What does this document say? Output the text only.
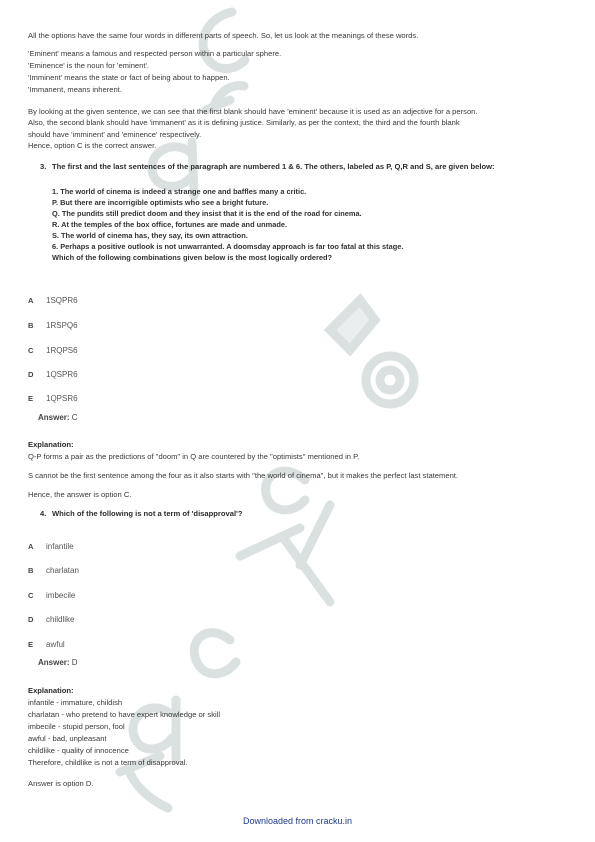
All the options have the same four words in different parts of speech. So, let us look at the meanings of these words.
'Eminent' means a famous and respected person within a particular sphere.
'Eminence' is the noun for 'eminent'.
'Imminent' means the state or fact of being about to happen.
'Immanent, means inherent.
By looking at the given sentence, we can see that the first blank should have 'eminent' because it is used as an adjective for a person.
Also, the second blank should have 'immanent' as it is defining justice. Similarly, as per the context, the third and the fourth blank
should have 'imminent' and 'eminence' respectively.
Hence, option C is the correct answer.
3. The first and the last sentences of the paragraph are numbered 1 & 6. The others, labeled as P, Q,R and S, are given below:
1. The world of cinema is indeed a strange one and baffles many a critic.
P. But there are incorrigible optimists who see a bright future.
Q. The pundits still predict doom and they insist that it is the end of the road for cinema.
R. At the temples of the box office, fortunes are made and unmade.
S. The world of cinema has, they say, its own attraction.
6. Perhaps a positive outlook is not unwarranted. A doomsday approach is far too fatal at this stage.
Which of the following combinations given below is the most logically ordered?
A 1SQPR6
B 1RSPQ6
C 1RQPS6
D 1QSPR6
E 1QPSR6
Answer: C
Explanation:
Q-P forms a pair as the predictions of "doom" in Q are countered by the "optimists" mentioned in P.
S cannot be the first sentence among the four as it also starts with "the world of cinema", but it makes the perfect last statement.
Hence, the answer is option C.
4. Which of the following is not a term of 'disapproval'?
A infantile
B charlatan
C imbecile
D childlike
E awful
Answer: D
Explanation:
infantile - immature, childish
charlatan - who pretend to have expert knowledge or skill
imbecile - stupid person, fool
awful - bad, unpleasant
childlike - quality of innocence
Therefore, childlike is not a term of disapproval.
Answer is option D.
Downloaded from cracku.in
